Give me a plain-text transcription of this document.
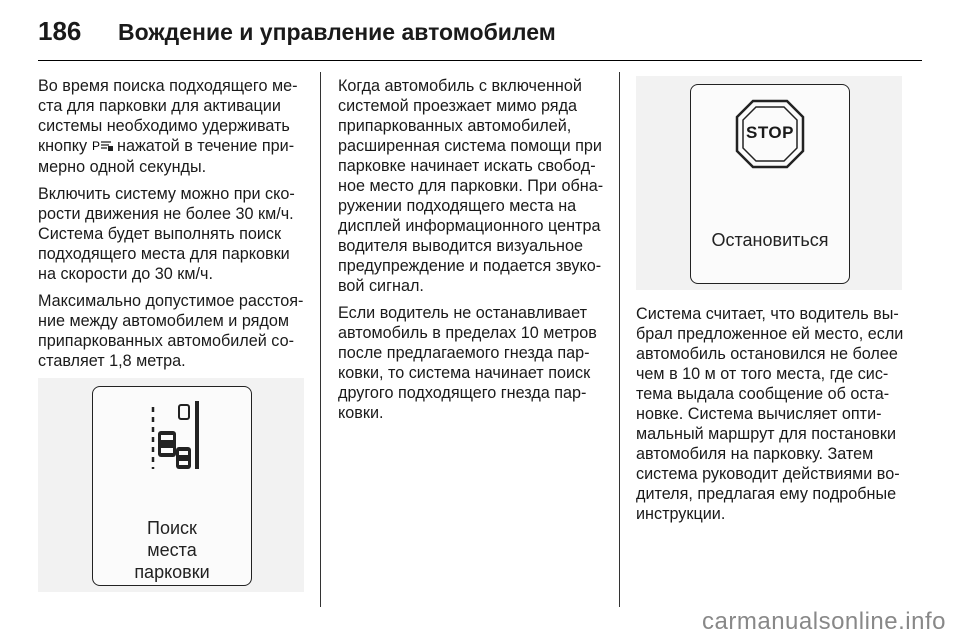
186	Вождение и управление автомобилем

Во время поиска подходящего ме-ста для парковки для активации системы необходимо удерживать кнопку P нажатой в течение при-мерно одной секунды.

Включить систему можно при ско-рости движения не более 30 км/ч. Система будет выполнять поиск подходящего места для парковки на скорости до 30 км/ч.

Максимально допустимое расстоя-ние между автомобилем и рядом припаркованных автомобилей со-ставляет 1,8 метра.

Поиск
места
парковки

Когда автомобиль с включенной системой проезжает мимо ряда припаркованных автомобилей, расширенная система помощи при парковке начинает искать свобод-ное место для парковки. При обна-ружении подходящего места на дисплей информационного центра водителя выводится визуальное предупреждение и подается звуко-вой сигнал.

Если водитель не останавливает автомобиль в пределах 10 метров после предлагаемого гнезда пар-ковки, то система начинает поиск другого подходящего гнезда пар-ковки.

STOP
Остановиться

Система считает, что водитель вы-брал предложенное ей место, если автомобиль остановился не более чем в 10 м от того места, где сис-тема выдала сообщение об оста-новке. Система вычисляет опти-мальный маршрут для постановки автомобиля на парковку. Затем система руководит действиями во-дителя, предлагая ему подробные инструкции.

carmanualsonline.info
